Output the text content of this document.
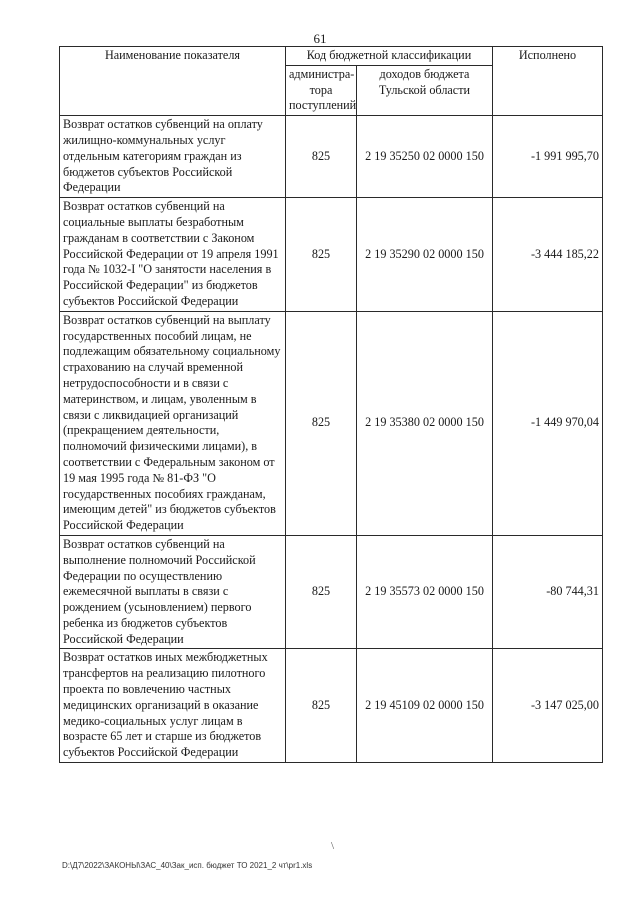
61
Наименование показателя	Код бюджетной классификации		Исполнено
	администра-тора поступлений	доходов бюджета Тульской области	
Возврат остатков субвенций на оплату жилищно-коммунальных услуг отдельным категориям граждан из бюджетов субъектов Российской Федерации	825	2 19 35250 02 0000 150	-1 991 995,70
Возврат остатков субвенций на социальные выплаты безработным гражданам в соответствии с Законом Российской Федерации от 19 апреля 1991 года № 1032-I "О занятости населения в Российской Федерации" из бюджетов субъектов Российской Федерации	825	2 19 35290 02 0000 150	-3 444 185,22
Возврат остатков субвенций на выплату государственных пособий лицам, не подлежащим обязательному социальному страхованию на случай временной нетрудоспособности и в связи с материнством, и лицам, уволенным в связи с ликвидацией организаций (прекращением деятельности, полномочий физическими лицами), в соответствии с Федеральным законом от 19 мая 1995 года № 81-ФЗ "О государственных пособиях гражданам, имеющим детей" из бюджетов субъектов Российской Федерации	825	2 19 35380 02 0000 150	-1 449 970,04
Возврат остатков субвенций на выполнение полномочий Российской Федерации по осуществлению ежемесячной выплаты в связи с рождением (усыновлением) первого ребенка из бюджетов субъектов Российской Федерации	825	2 19 35573 02 0000 150	-80 744,31
Возврат остатков иных межбюджетных трансфертов на реализацию пилотного проекта по вовлечению частных медицинских организаций в оказание медико-социальных услуг лицам в возрасте 65 лет и старше из бюджетов субъектов Российской Федерации	825	2 19 45109 02 0000 150	-3 147 025,00
\
D:\Д7\2022\ЗАКОНЫ\ЗАС_40\Зак_исп. бюджет ТО 2021_2 чт\pr1.xls
